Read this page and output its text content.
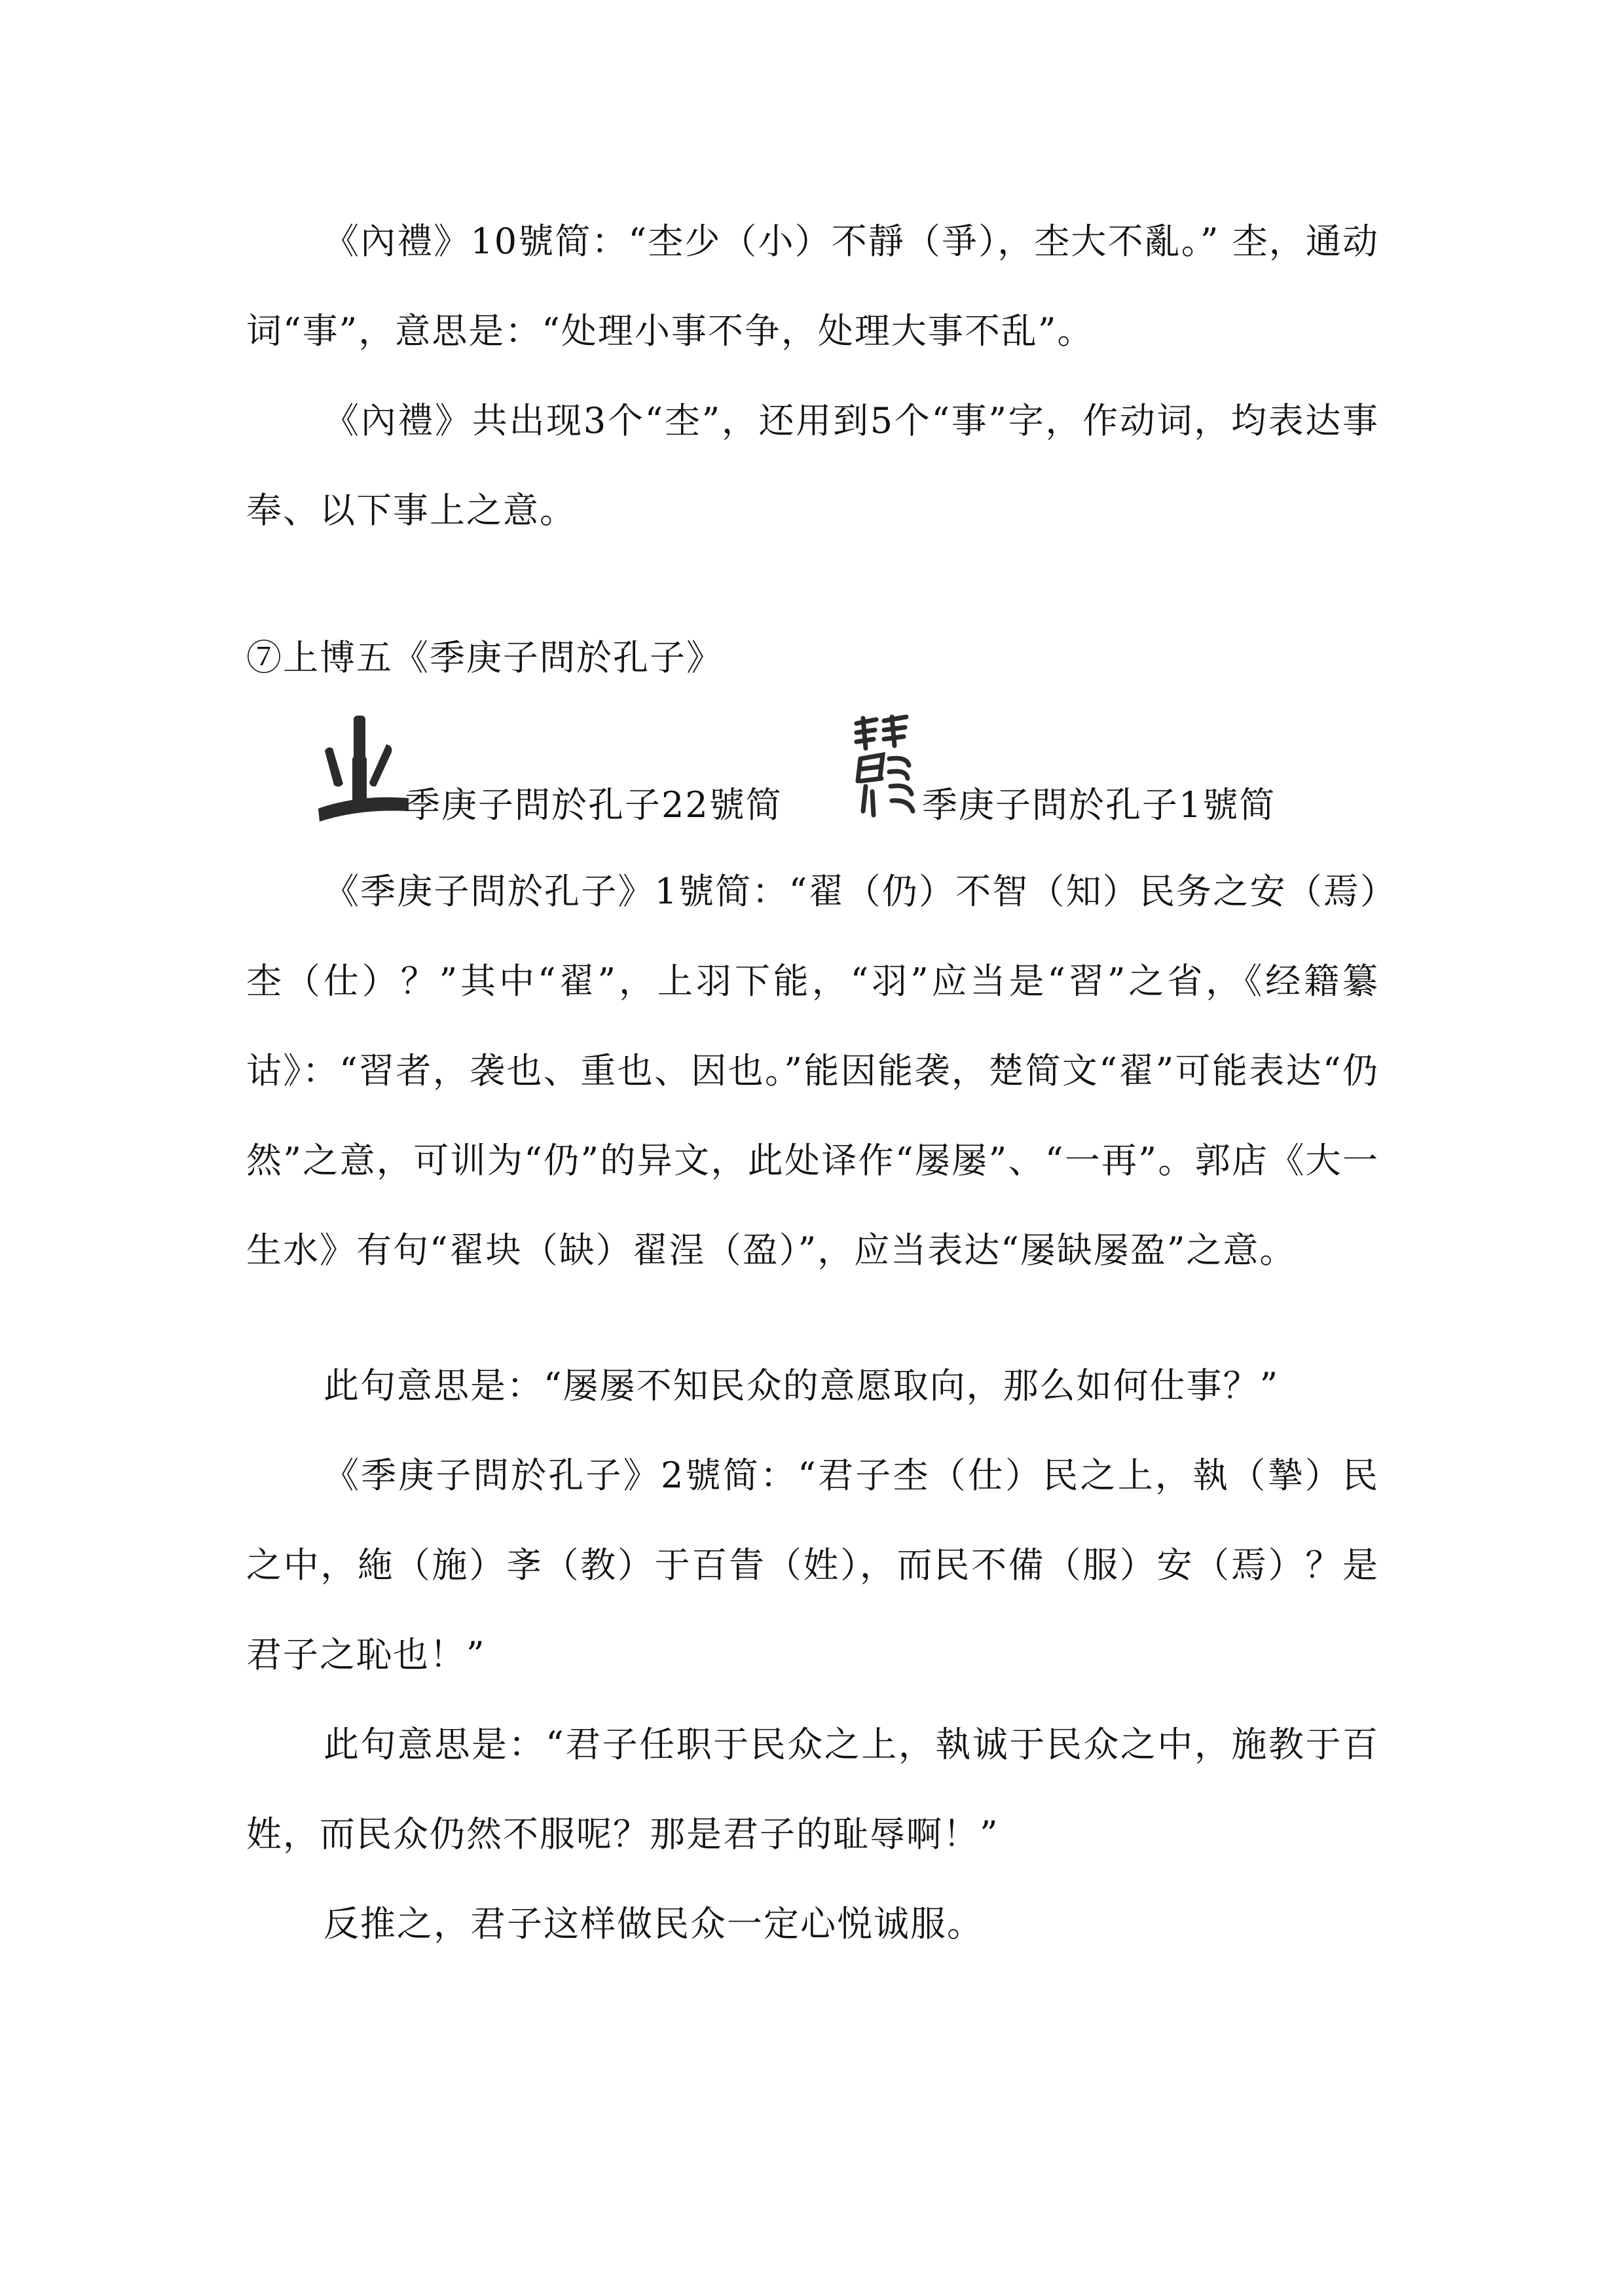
《內禮》10號简：“杢少（小）不靜（爭），杢大不亂。” 杢，通动词“事”，意思是：“处理小事不争，处理大事不乱”。

《內禮》共出现3个“杢”，还用到5个“事”字，作动词，均表达事奉、以下事上之意。

⑦上博五《季庚子問於孔子》

季庚子問於孔子22號简	季庚子問於孔子1號简

《季庚子問於孔子》1號简：“翟（仍）不智（知）民务之安（焉）杢（仕）？”其中“翟”，上羽下能，“羽”应当是“習”之省，《经籍纂诂》：“習者，袭也、重也、因也。”能因能袭，楚简文“翟”可能表达“仍然”之意，可训为“仍”的异文，此处译作“屡屡”、“一再”。郭店《大一生水》有句“翟块（缺）翟浧（盈）”，应当表达“屡缺屡盈”之意。

此句意思是：“屡屡不知民众的意愿取向，那么如何仕事？”

《季庚子問於孔子》2號简：“君子杢（仕）民之上，執（摯）民之中，絁（施）斈（教）于百眚（姓），而民不備（服）安（焉）？是君子之恥也！”

此句意思是：“君子任职于民众之上，執诚于民众之中，施教于百姓，而民众仍然不服呢？那是君子的耻辱啊！”

反推之，君子这样做民众一定心悦诚服。
